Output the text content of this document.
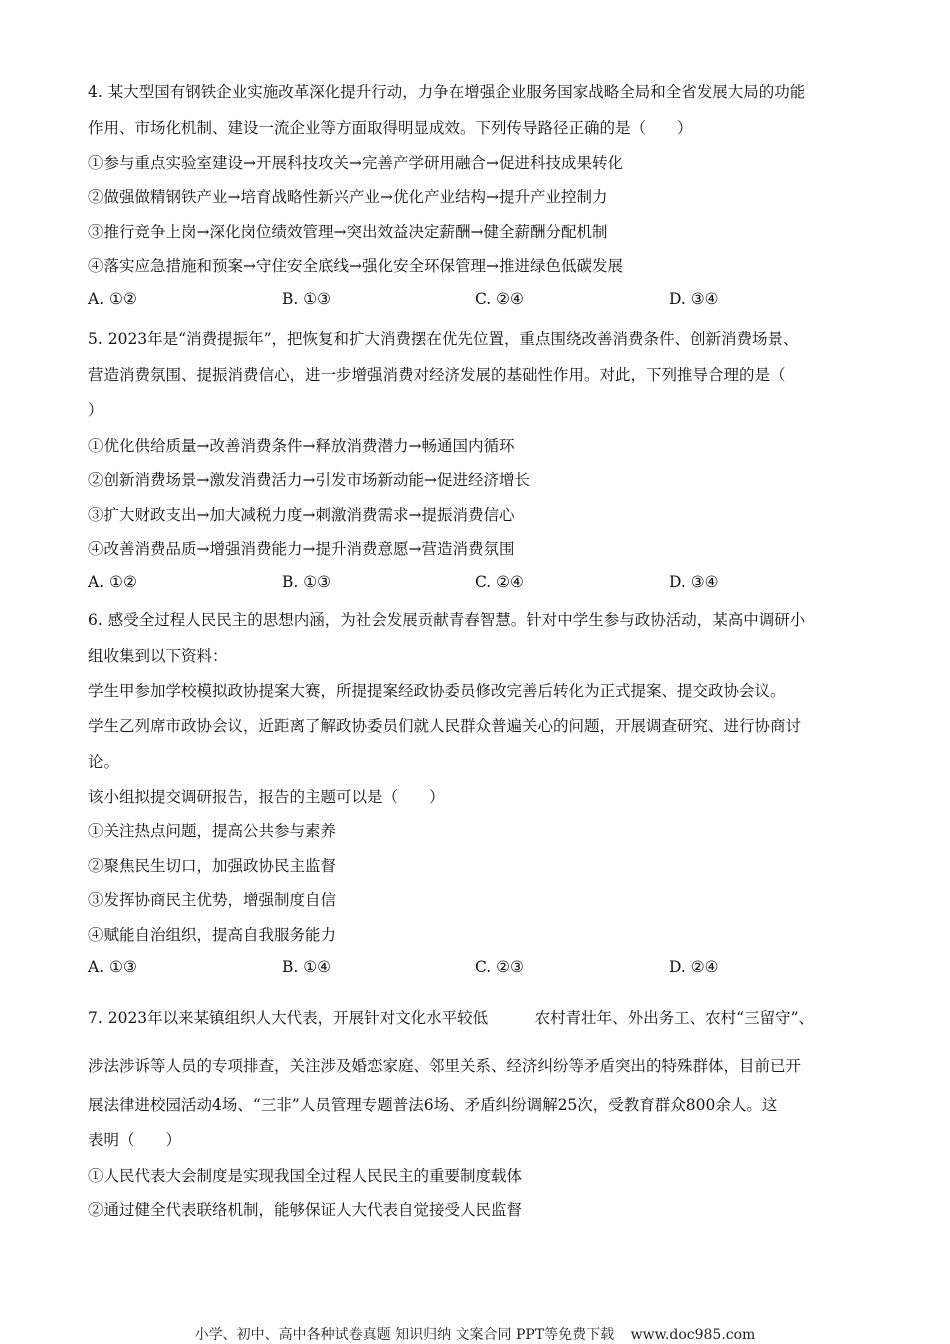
4. 某大型国有钢铁企业实施改革深化提升行动，力争在增强企业服务国家战略全局和全省发展大局的功能
作用、市场化机制、建设一流企业等方面取得明显成效。下列传导路径正确的是（　　）
①参与重点实验室建设→开展科技攻关→完善产学研用融合→促进科技成果转化
②做强做精钢铁产业→培育战略性新兴产业→优化产业结构→提升产业控制力
③推行竞争上岗→深化岗位绩效管理→突出效益决定薪酬→健全薪酬分配机制
④落实应急措施和预案→守住安全底线→强化安全环保管理→推进绿色低碳发展
A. ①②	B. ①③	C. ②④	D. ③④
5. 2023年是“消费提振年”，把恢复和扩大消费摆在优先位置，重点围绕改善消费条件、创新消费场景、
营造消费氛围、提振消费信心，进一步增强消费对经济发展的基础性作用。对此，下列推导合理的是（
）
①优化供给质量→改善消费条件→释放消费潜力→畅通国内循环
②创新消费场景→激发消费活力→引发市场新动能→促进经济增长
③扩大财政支出→加大减税力度→刺激消费需求→提振消费信心
④改善消费品质→增强消费能力→提升消费意愿→营造消费氛围
A. ①②	B. ①③	C. ②④	D. ③④
6. 感受全过程人民民主的思想内涵，为社会发展贡献青春智慧。针对中学生参与政协活动，某高中调研小
组收集到以下资料：
学生甲参加学校模拟政协提案大赛，所提提案经政协委员修改完善后转化为正式提案、提交政协会议。
学生乙列席市政协会议，近距离了解政协委员们就人民群众普遍关心的问题，开展调查研究、进行协商讨
论。
该小组拟提交调研报告，报告的主题可以是（　　）
①关注热点问题，提高公共参与素养
②聚焦民生切口，加强政协民主监督
③发挥协商民主优势，增强制度自信
④赋能自治组织，提高自我服务能力
A. ①③	B. ①④	C. ②③	D. ②④
7. 2023年以来某镇组织人大代表，开展针对文化水平较低　　　农村青壮年、外出务工、农村“三留守”、
涉法涉诉等人员的专项排查，关注涉及婚恋家庭、邻里关系、经济纠纷等矛盾突出的特殊群体，目前已开
展法律进校园活动4场、“三非”人员管理专题普法6场、矛盾纠纷调解25次，受教育群众800余人。这
表明（　　）
①人民代表大会制度是实现我国全过程人民民主的重要制度载体
②通过健全代表联络机制，能够保证人大代表自觉接受人民监督
小学、初中、高中各种试卷真题 知识归纳 文案合同 PPT等免费下载 www.doc985.com
